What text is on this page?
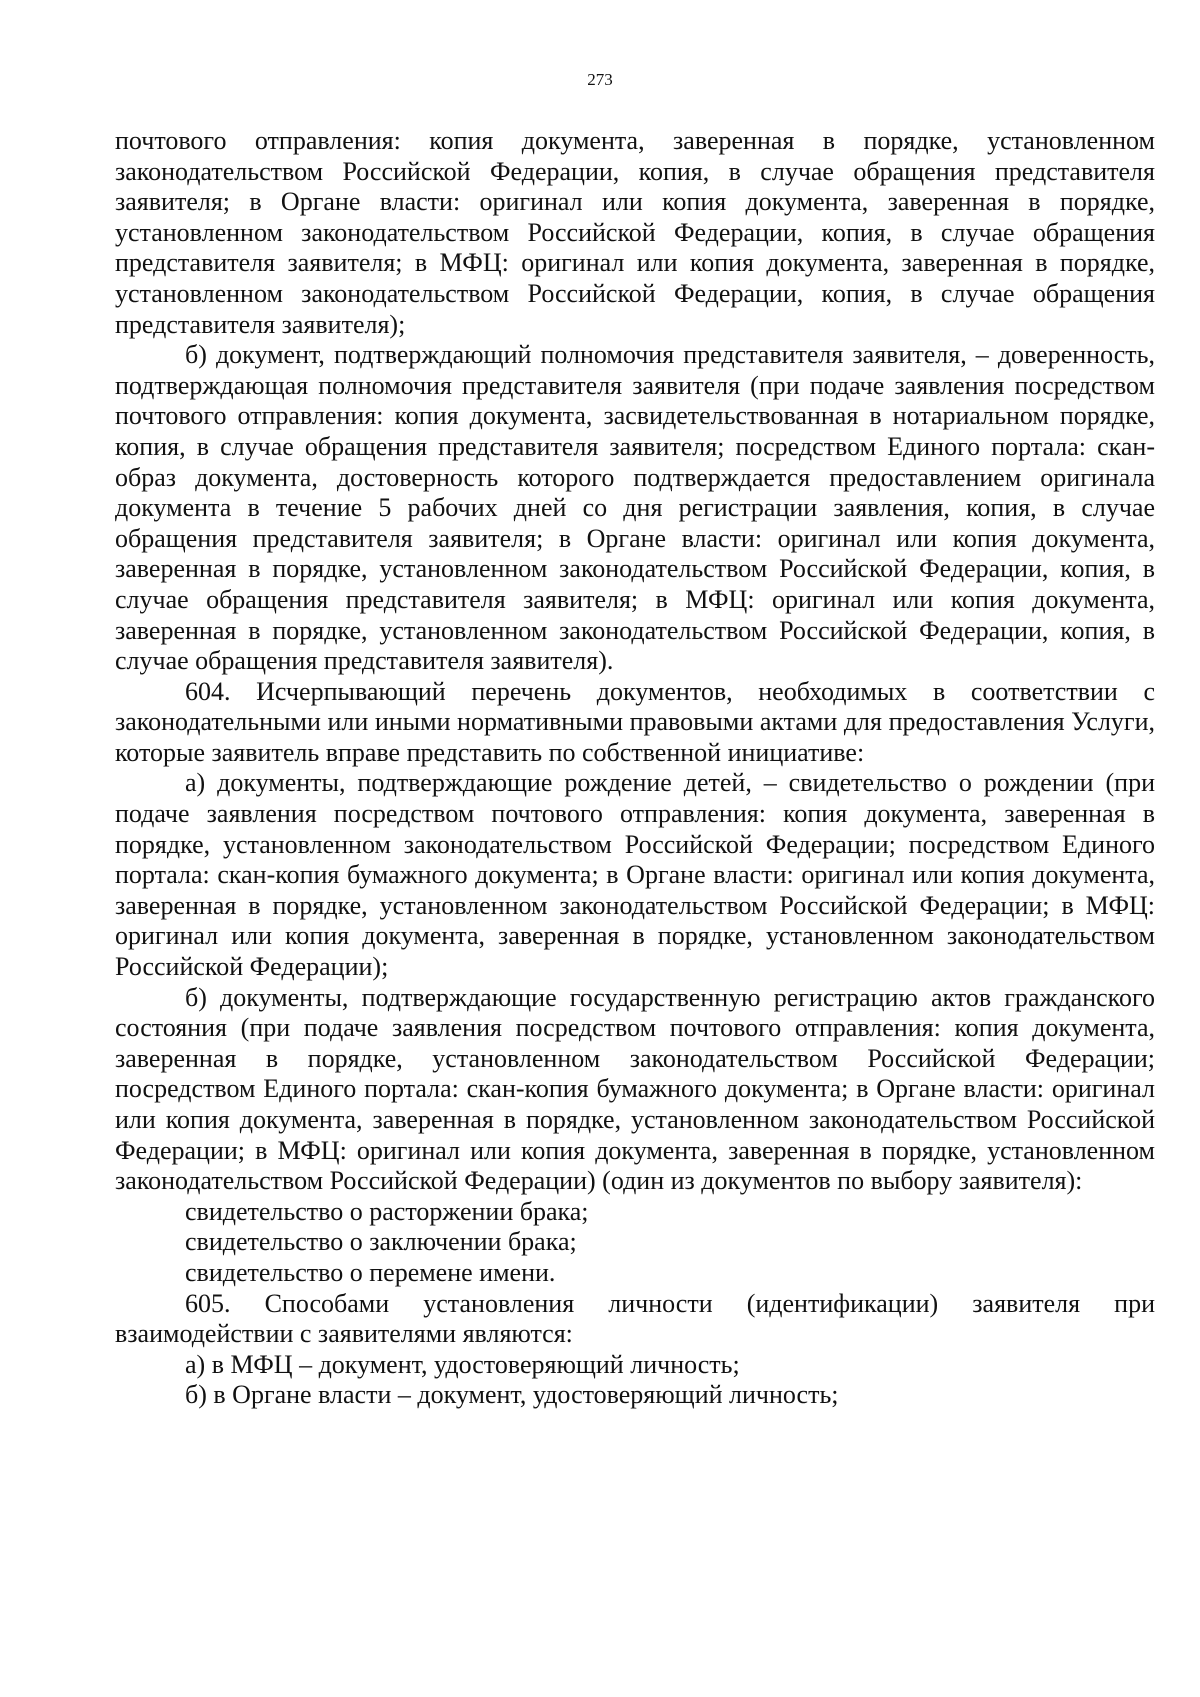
273

почтового отправления: копия документа, заверенная в порядке, установленном законодательством Российской Федерации, копия, в случае обращения представителя заявителя; в Органе власти: оригинал или копия документа, заверенная в порядке, установленном законодательством Российской Федерации, копия, в случае обращения представителя заявителя; в МФЦ: оригинал или копия документа, заверенная в порядке, установленном законодательством Российской Федерации, копия, в случае обращения представителя заявителя);

б) документ, подтверждающий полномочия представителя заявителя, – доверенность, подтверждающая полномочия представителя заявителя (при подаче заявления посредством почтового отправления: копия документа, засвидетельствованная в нотариальном порядке, копия, в случае обращения представителя заявителя; посредством Единого портала: скан-образ документа, достоверность которого подтверждается предоставлением оригинала документа в течение 5 рабочих дней со дня регистрации заявления, копия, в случае обращения представителя заявителя; в Органе власти: оригинал или копия документа, заверенная в порядке, установленном законодательством Российской Федерации, копия, в случае обращения представителя заявителя; в МФЦ: оригинал или копия документа, заверенная в порядке, установленном законодательством Российской Федерации, копия, в случае обращения представителя заявителя).

604. Исчерпывающий перечень документов, необходимых в соответствии с законодательными или иными нормативными правовыми актами для предоставления Услуги, которые заявитель вправе представить по собственной инициативе:

а) документы, подтверждающие рождение детей, – свидетельство о рождении (при подаче заявления посредством почтового отправления: копия документа, заверенная в порядке, установленном законодательством Российской Федерации; посредством Единого портала: скан-копия бумажного документа; в Органе власти: оригинал или копия документа, заверенная в порядке, установленном законодательством Российской Федерации; в МФЦ: оригинал или копия документа, заверенная в порядке, установленном законодательством Российской Федерации);

б) документы, подтверждающие государственную регистрацию актов гражданского состояния (при подаче заявления посредством почтового отправления: копия документа, заверенная в порядке, установленном законодательством Российской Федерации; посредством Единого портала: скан-копия бумажного документа; в Органе власти: оригинал или копия документа, заверенная в порядке, установленном законодательством Российской Федерации; в МФЦ: оригинал или копия документа, заверенная в порядке, установленном законодательством Российской Федерации) (один из документов по выбору заявителя):

свидетельство о расторжении брака;

свидетельство о заключении брака;

свидетельство о перемене имени.

605. Способами установления личности (идентификации) заявителя при взаимодействии с заявителями являются:

а) в МФЦ – документ, удостоверяющий личность;

б) в Органе власти – документ, удостоверяющий личность;
